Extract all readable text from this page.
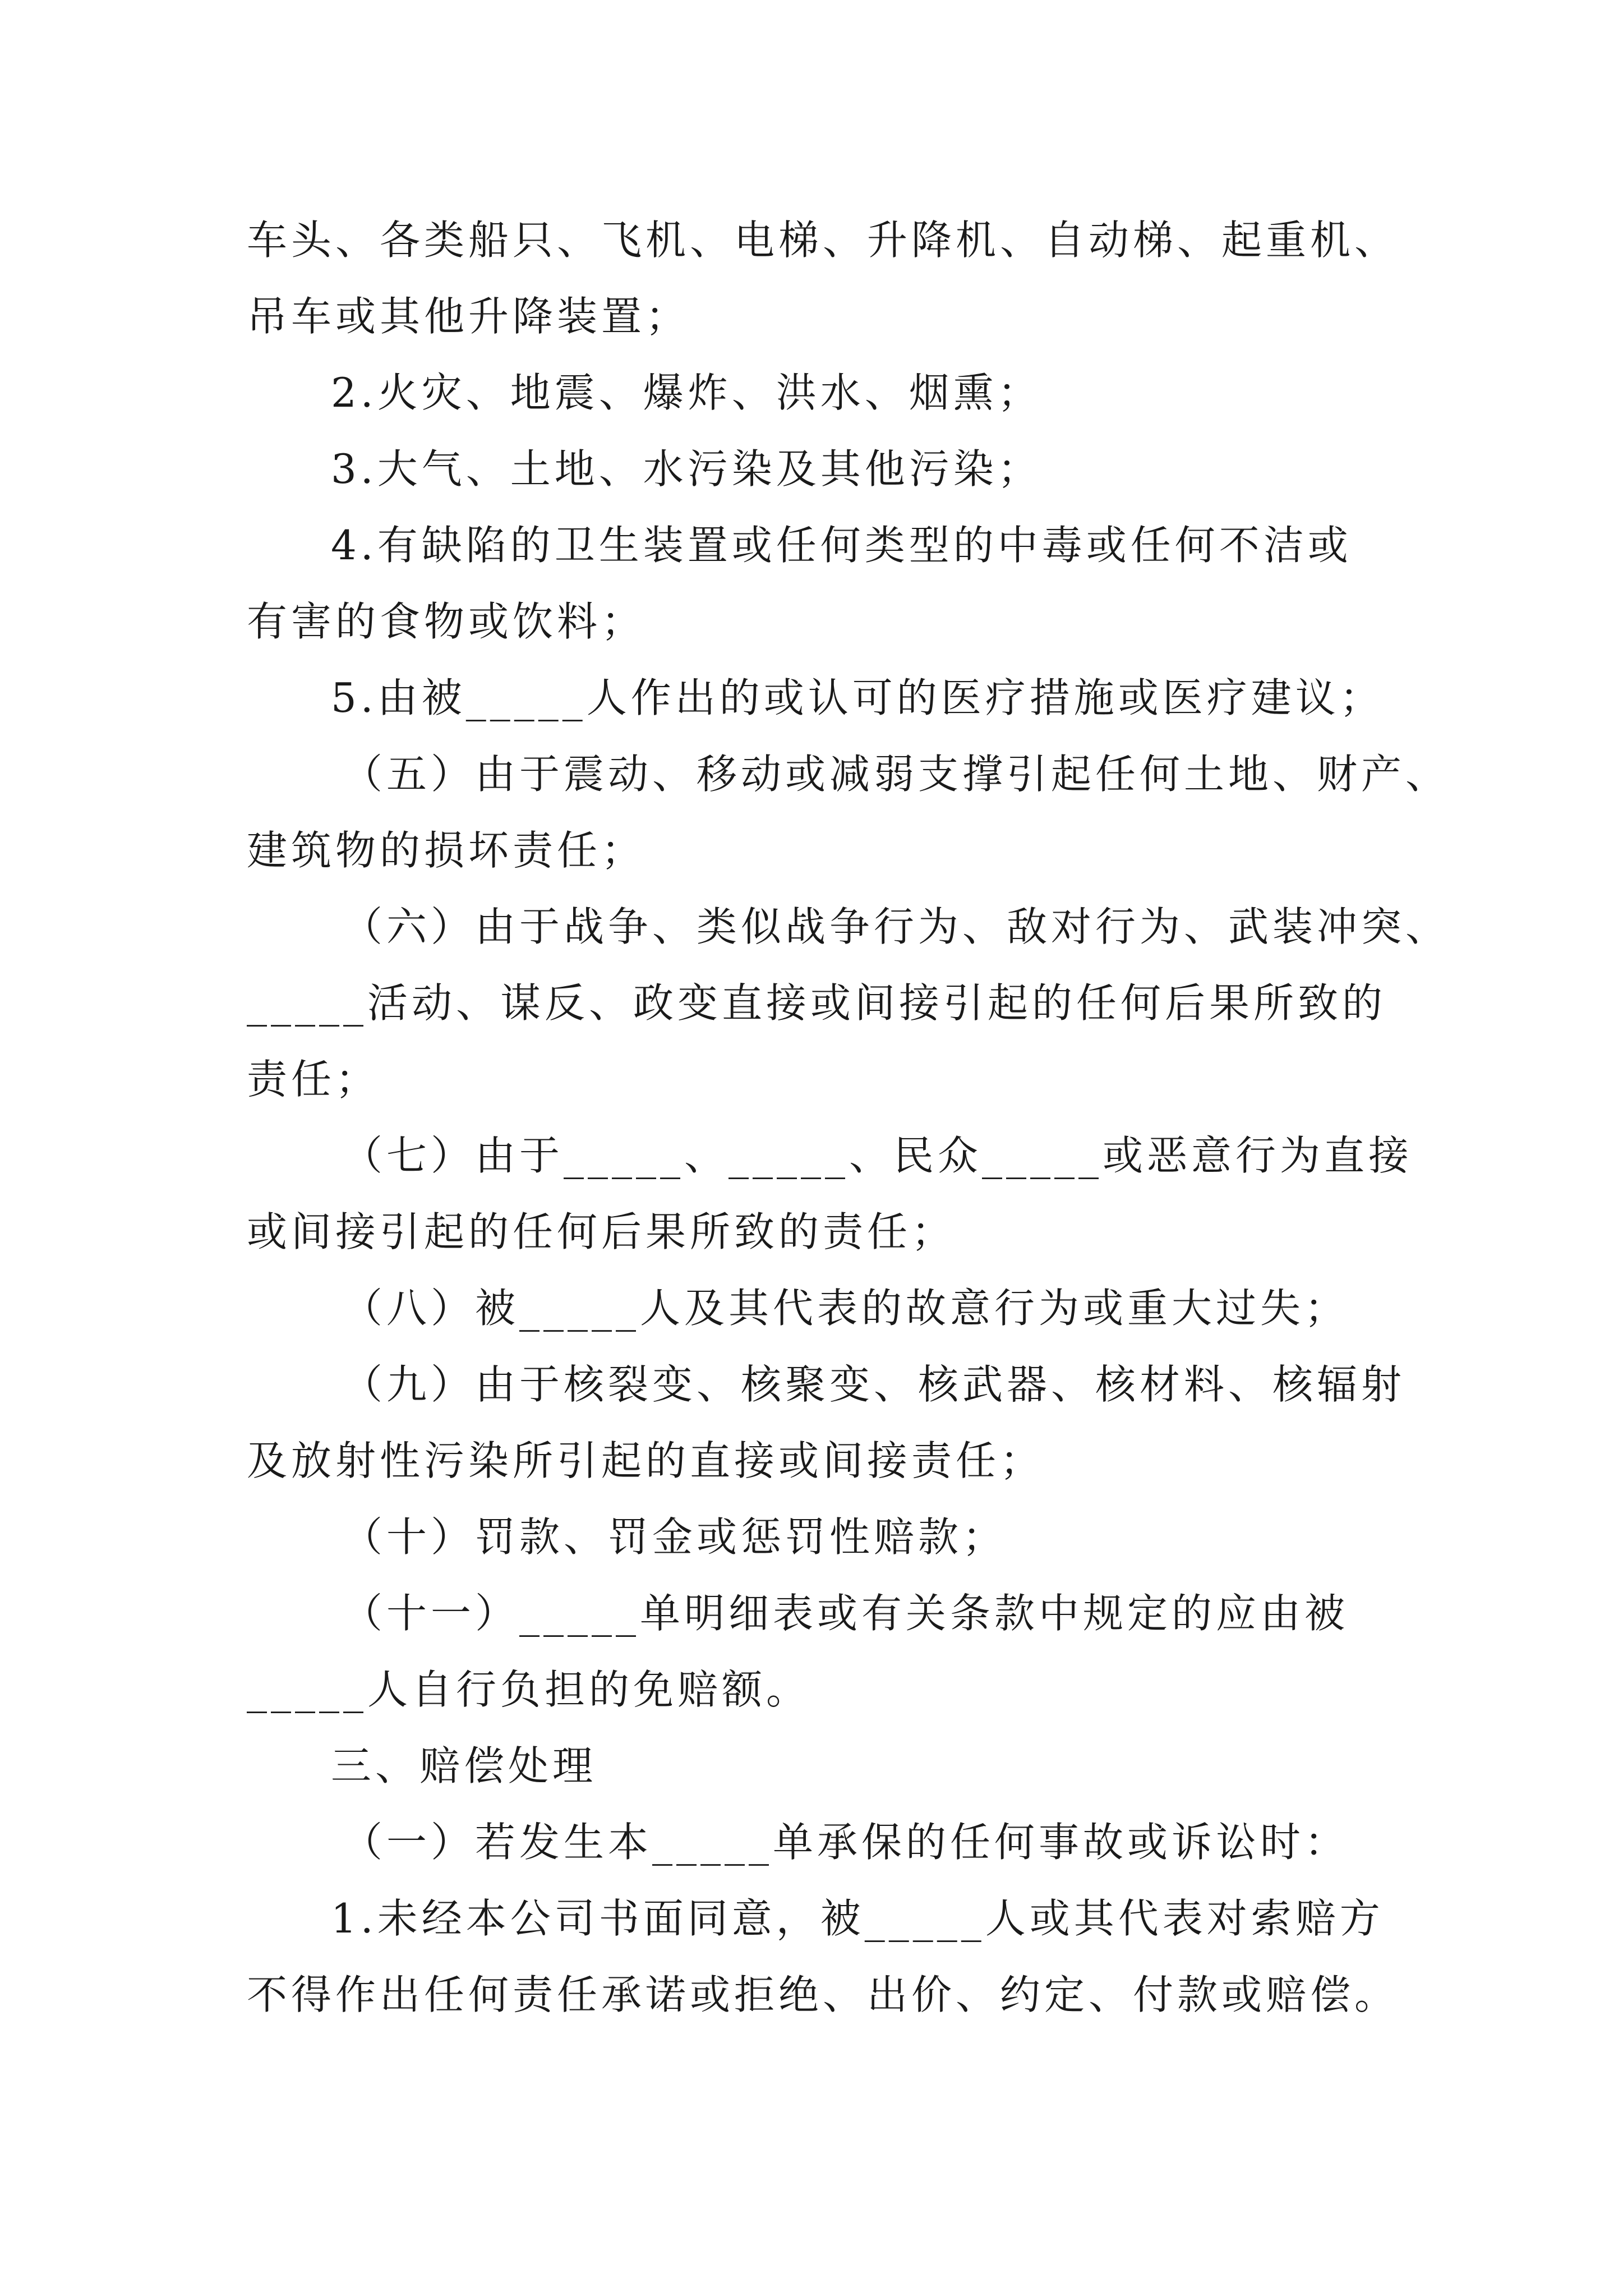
车头、各类船只、飞机、电梯、升降机、自动梯、起重机、
吊车或其他升降装置；
2.火灾、地震、爆炸、洪水、烟熏；
3.大气、土地、水污染及其他污染；
4.有缺陷的卫生装置或任何类型的中毒或任何不洁或
有害的食物或饮料；
5.由被_____人作出的或认可的医疗措施或医疗建议；
（五）由于震动、移动或减弱支撑引起任何土地、财产、
建筑物的损坏责任；
（六）由于战争、类似战争行为、敌对行为、武装冲突、
_____活动、谋反、政变直接或间接引起的任何后果所致的
责任；
（七）由于_____、_____、民众_____或恶意行为直接
或间接引起的任何后果所致的责任；
（八）被_____人及其代表的故意行为或重大过失；
（九）由于核裂变、核聚变、核武器、核材料、核辐射
及放射性污染所引起的直接或间接责任；
（十）罚款、罚金或惩罚性赔款；
（十一）_____单明细表或有关条款中规定的应由被
_____人自行负担的免赔额。
三、赔偿处理
（一）若发生本_____单承保的任何事故或诉讼时：
1.未经本公司书面同意，被_____人或其代表对索赔方
不得作出任何责任承诺或拒绝、出价、约定、付款或赔偿。
